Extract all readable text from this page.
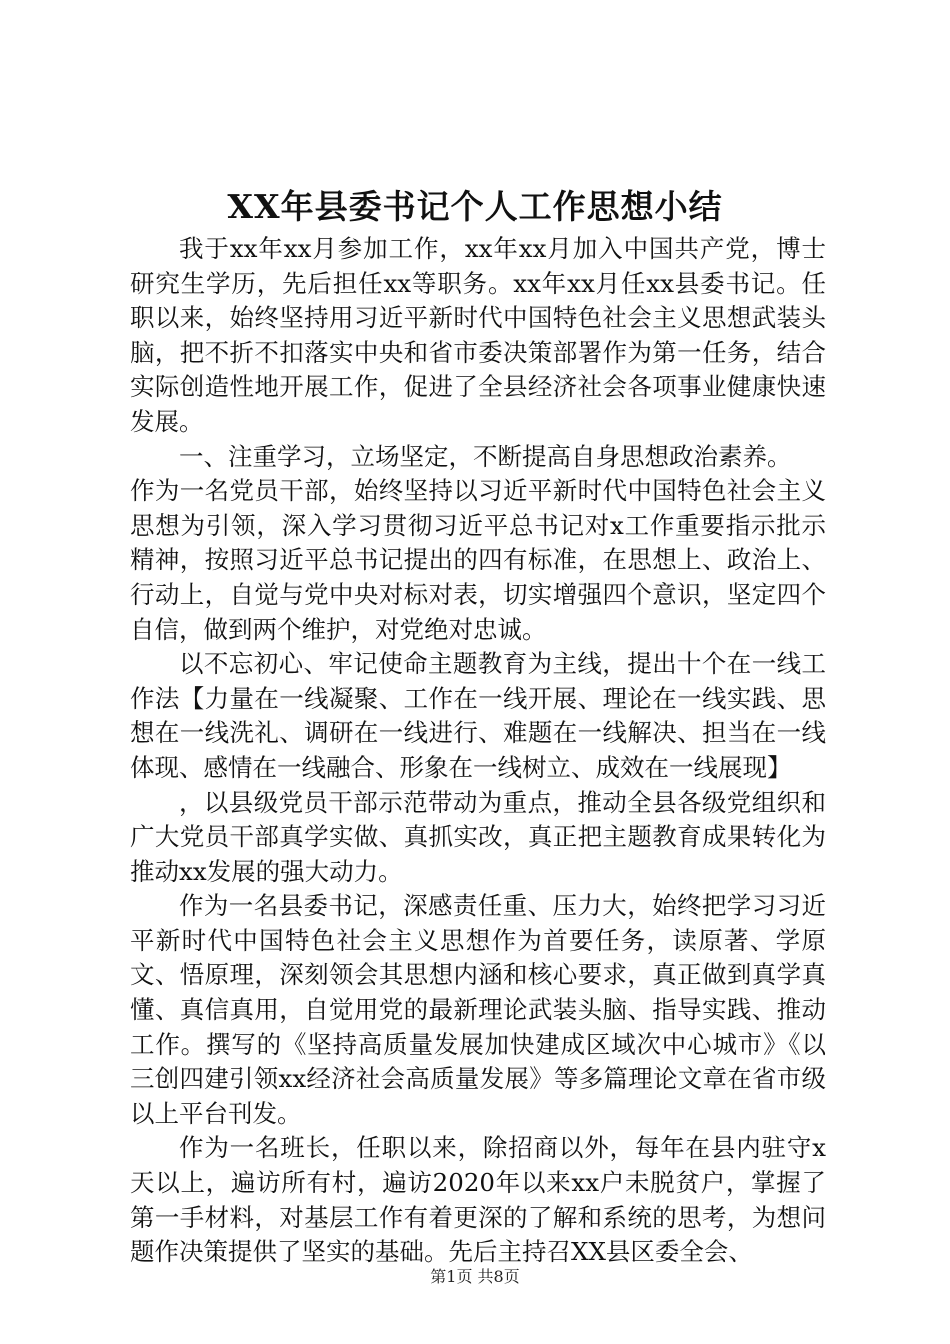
XX年县委书记个人工作思想小结

我于xx年xx月参加工作，xx年xx月加入中国共产党，博士研究生学历，先后担任xx等职务。xx年xx月任xx县委书记。任职以来，始终坚持用习近平新时代中国特色社会主义思想武装头脑，把不折不扣落实中央和省市委决策部署作为第一任务，结合实际创造性地开展工作，促进了全县经济社会各项事业健康快速发展。

一、注重学习，立场坚定，不断提高自身思想政治素养。

作为一名党员干部，始终坚持以习近平新时代中国特色社会主义思想为引领，深入学习贯彻习近平总书记对x工作重要指示批示精神，按照习近平总书记提出的四有标准，在思想上、政治上、行动上，自觉与党中央对标对表，切实增强四个意识，坚定四个自信，做到两个维护，对党绝对忠诚。

以不忘初心、牢记使命主题教育为主线，提出十个在一线工作法【力量在一线凝聚、工作在一线开展、理论在一线实践、思想在一线洗礼、调研在一线进行、难题在一线解决、担当在一线体现、感情在一线融合、形象在一线树立、成效在一线展现】

，以县级党员干部示范带动为重点，推动全县各级党组织和广大党员干部真学实做、真抓实改，真正把主题教育成果转化为推动xx发展的强大动力。

作为一名县委书记，深感责任重、压力大，始终把学习习近平新时代中国特色社会主义思想作为首要任务，读原著、学原文、悟原理，深刻领会其思想内涵和核心要求，真正做到真学真懂、真信真用，自觉用党的最新理论武装头脑、指导实践、推动工作。撰写的《坚持高质量发展加快建成区域次中心城市》《以三创四建引领xx经济社会高质量发展》等多篇理论文章在省市级以上平台刊发。

作为一名班长，任职以来，除招商以外，每年在县内驻守x天以上，遍访所有村，遍访2020年以来xx户未脱贫户，掌握了第一手材料，对基层工作有着更深的了解和系统的思考，为想问题作决策提供了坚实的基础。先后主持召XX县区委全会、

第1页 共8页
